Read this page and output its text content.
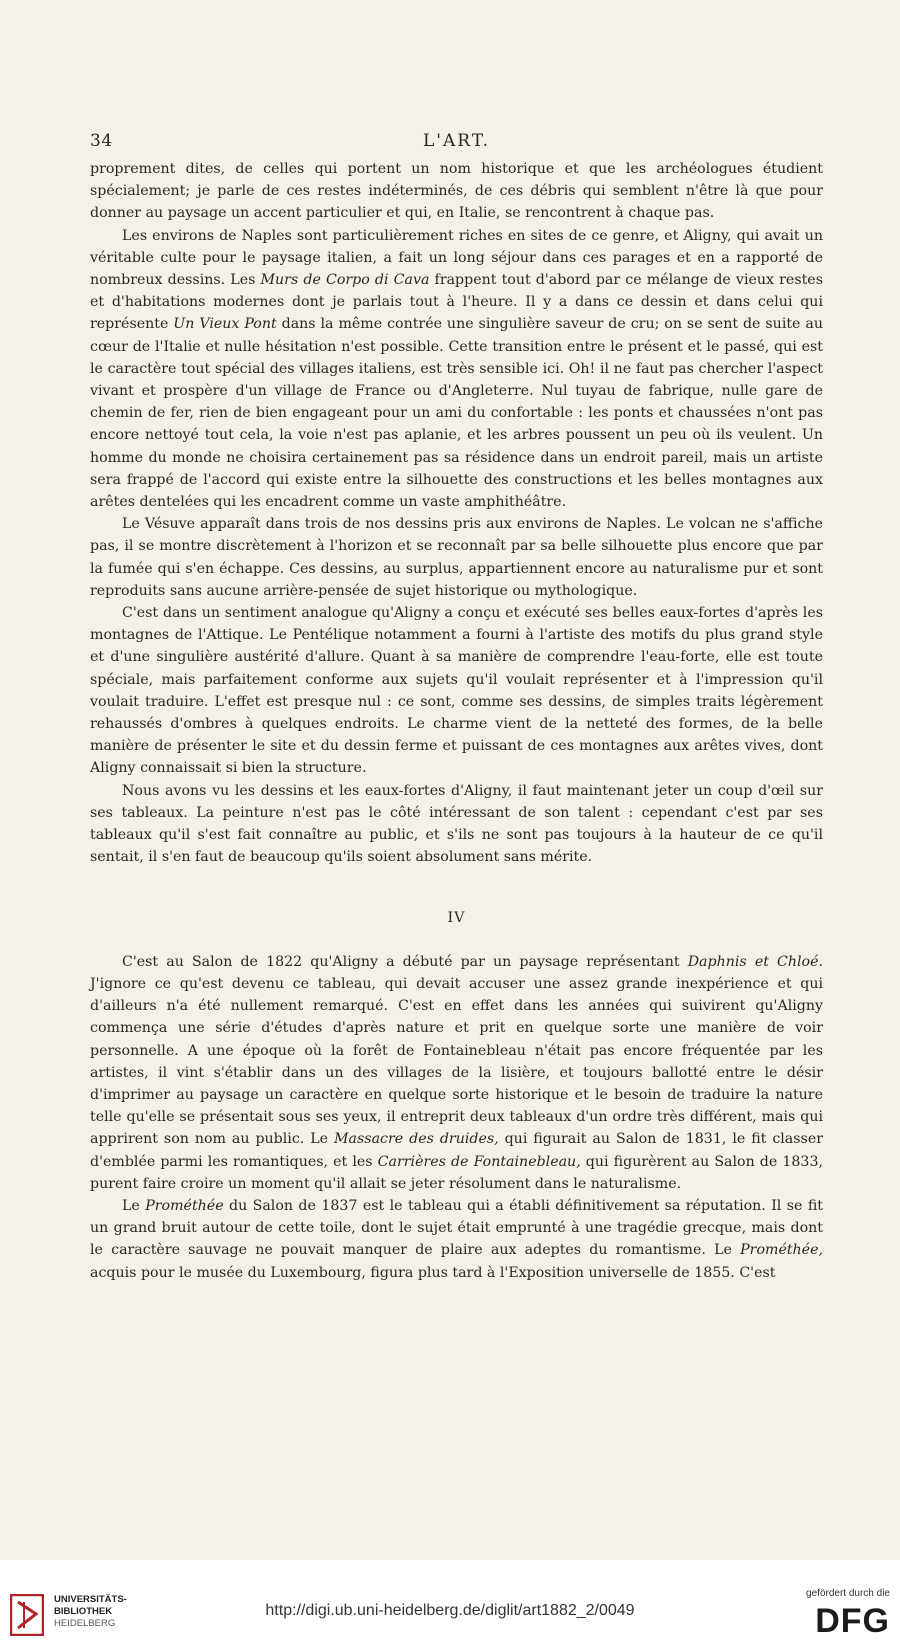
34	L'ART.

proprement dites, de celles qui portent un nom historique et que les archéologues étudient spécialement; je parle de ces restes indéterminés, de ces débris qui semblent n'être là que pour donner au paysage un accent particulier et qui, en Italie, se rencontrent à chaque pas.

Les environs de Naples sont particulièrement riches en sites de ce genre, et Aligny, qui avait un véritable culte pour le paysage italien, a fait un long séjour dans ces parages et en a rapporté de nombreux dessins. Les Murs de Corpo di Cava frappent tout d'abord par ce mélange de vieux restes et d'habitations modernes dont je parlais tout à l'heure. Il y a dans ce dessin et dans celui qui représente Un Vieux Pont dans la même contrée une singulière saveur de cru; on se sent de suite au cœur de l'Italie et nulle hésitation n'est possible. Cette transition entre le présent et le passé, qui est le caractère tout spécial des villages italiens, est très sensible ici. Oh! il ne faut pas chercher l'aspect vivant et prospère d'un village de France ou d'Angleterre. Nul tuyau de fabrique, nulle gare de chemin de fer, rien de bien engageant pour un ami du confortable : les ponts et chaussées n'ont pas encore nettoyé tout cela, la voie n'est pas aplanie, et les arbres poussent un peu où ils veulent. Un homme du monde ne choisira certainement pas sa résidence dans un endroit pareil, mais un artiste sera frappé de l'accord qui existe entre la silhouette des constructions et les belles montagnes aux arêtes dentelées qui les encadrent comme un vaste amphithéâtre.

Le Vésuve apparaît dans trois de nos dessins pris aux environs de Naples. Le volcan ne s'affiche pas, il se montre discrètement à l'horizon et se reconnaît par sa belle silhouette plus encore que par la fumée qui s'en échappe. Ces dessins, au surplus, appartiennent encore au naturalisme pur et sont reproduits sans aucune arrière-pensée de sujet historique ou mythologique.

C'est dans un sentiment analogue qu'Aligny a conçu et exécuté ses belles eaux-fortes d'après les montagnes de l'Attique. Le Pentélique notamment a fourni à l'artiste des motifs du plus grand style et d'une singulière austérité d'allure. Quant à sa manière de comprendre l'eau-forte, elle est toute spéciale, mais parfaitement conforme aux sujets qu'il voulait représenter et à l'impression qu'il voulait traduire. L'effet est presque nul : ce sont, comme ses dessins, de simples traits légèrement rehaussés d'ombres à quelques endroits. Le charme vient de la netteté des formes, de la belle manière de présenter le site et du dessin ferme et puissant de ces montagnes aux arêtes vives, dont Aligny connaissait si bien la structure.

Nous avons vu les dessins et les eaux-fortes d'Aligny, il faut maintenant jeter un coup d'œil sur ses tableaux. La peinture n'est pas le côté intéressant de son talent : cependant c'est par ses tableaux qu'il s'est fait connaître au public, et s'ils ne sont pas toujours à la hauteur de ce qu'il sentait, il s'en faut de beaucoup qu'ils soient absolument sans mérite.

IV

C'est au Salon de 1822 qu'Aligny a débuté par un paysage représentant Daphnis et Chloé. J'ignore ce qu'est devenu ce tableau, qui devait accuser une assez grande inexpérience et qui d'ailleurs n'a été nullement remarqué. C'est en effet dans les années qui suivirent qu'Aligny commença une série d'études d'après nature et prit en quelque sorte une manière de voir personnelle. A une époque où la forêt de Fontainebleau n'était pas encore fréquentée par les artistes, il vint s'établir dans un des villages de la lisière, et toujours ballotté entre le désir d'imprimer au paysage un caractère en quelque sorte historique et le besoin de traduire la nature telle qu'elle se présentait sous ses yeux, il entreprit deux tableaux d'un ordre très différent, mais qui apprirent son nom au public. Le Massacre des druides, qui figurait au Salon de 1831, le fit classer d'emblée parmi les romantiques, et les Carrières de Fontainebleau, qui figurèrent au Salon de 1833, purent faire croire un moment qu'il allait se jeter résolument dans le naturalisme.

Le Prométhée du Salon de 1837 est le tableau qui a établi définitivement sa réputation. Il se fit un grand bruit autour de cette toile, dont le sujet était emprunté à une tragédie grecque, mais dont le caractère sauvage ne pouvait manquer de plaire aux adeptes du romantisme. Le Prométhée, acquis pour le musée du Luxembourg, figura plus tard à l'Exposition universelle de 1855. C'est

UNIVERSITÄTS-
BIBLIOTHEK
HEIDELBERG
http://digi.ub.uni-heidelberg.de/diglit/art1882_2/0049
gefördert durch die
DFG
